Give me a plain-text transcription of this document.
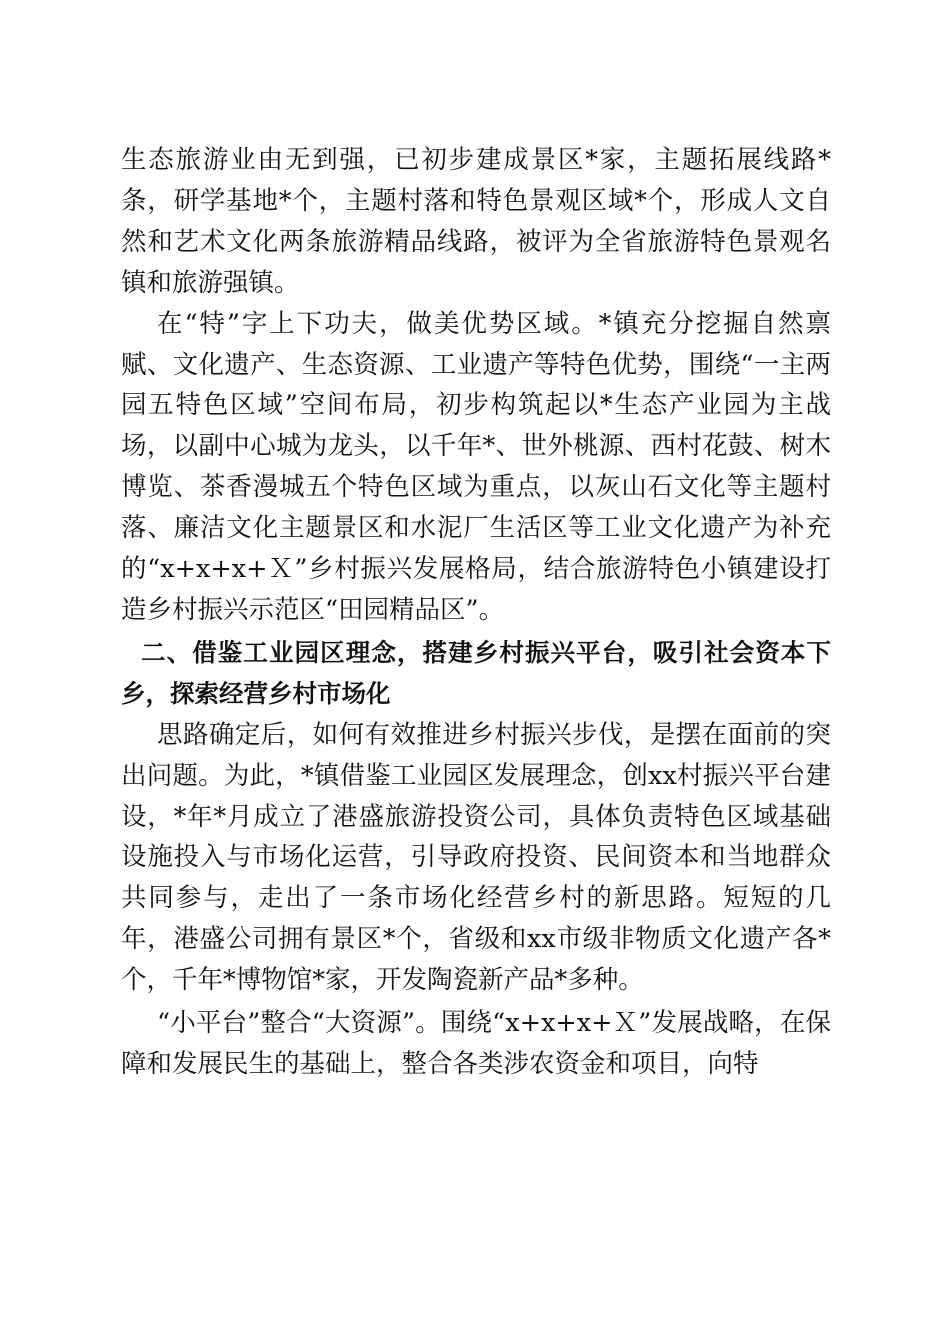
生态旅游业由无到强，已初步建成景区*家，主题拓展线路*条，研学基地*个，主题村落和特色景观区域*个，形成人文自然和艺术文化两条旅游精品线路，被评为全省旅游特色景观名镇和旅游强镇。

在“特”字上下功夫，做美优势区域。*镇充分挖掘自然禀赋、文化遗产、生态资源、工业遗产等特色优势，围绕“一主两园五特色区域”空间布局，初步构筑起以*生态产业园为主战场，以副中心城为龙头，以千年*、世外桃源、西村花鼓、树木博览、茶香漫城五个特色区域为重点，以灰山石文化等主题村落、廉洁文化主题景区和水泥厂生活区等工业文化遗产为补充的“x+x+x+Ｘ”乡村振兴发展格局，结合旅游特色小镇建设打造乡村振兴示范区“田园精品区”。

二、借鉴工业园区理念，搭建乡村振兴平台，吸引社会资本下乡，探索经营乡村市场化

思路确定后，如何有效推进乡村振兴步伐，是摆在面前的突出问题。为此，*镇借鉴工业园区发展理念，创xx村振兴平台建设，*年*月成立了港盛旅游投资公司，具体负责特色区域基础设施投入与市场化运营，引导政府投资、民间资本和当地群众共同参与，走出了一条市场化经营乡村的新思路。短短的几年，港盛公司拥有景区*个，省级和xx市级非物质文化遗产各*个，千年*博物馆*家，开发陶瓷新产品*多种。

“小平台”整合“大资源”。围绕“x+x+x+Ｘ”发展战略，在保障和发展民生的基础上，整合各类涉农资金和项目，向特
